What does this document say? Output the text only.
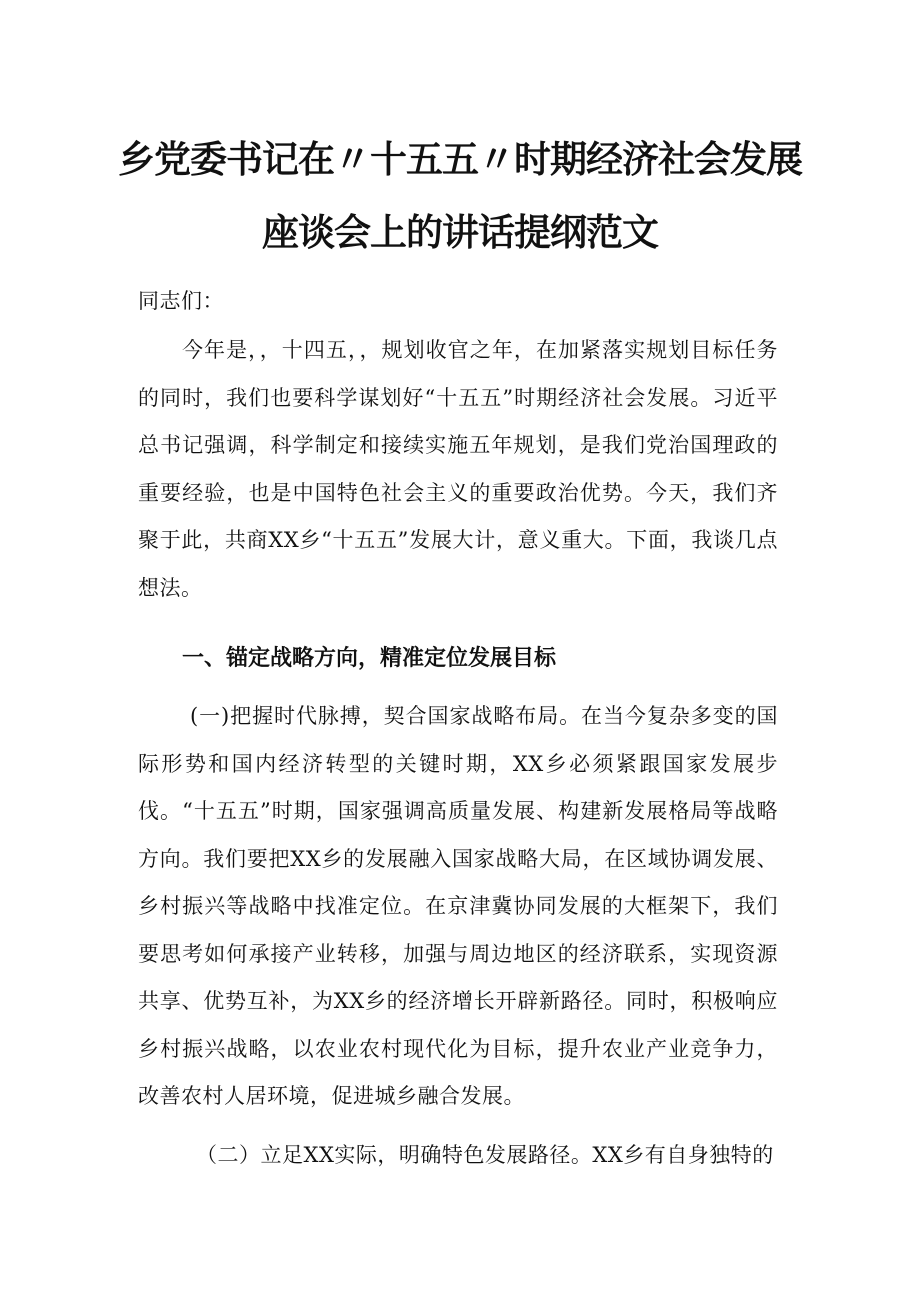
乡党委书记在〃十五五〃时期经济社会发展
座谈会上的讲话提纲范文

同志们：

今年是，，十四五，，规划收官之年，在加紧落实规划目标任务的同时，我们也要科学谋划好“十五五”时期经济社会发展。习近平总书记强调，科学制定和接续实施五年规划，是我们党治国理政的重要经验，也是中国特色社会主义的重要政治优势。今天，我们齐聚于此，共商XX乡“十五五”发展大计，意义重大。下面，我谈几点想法。

一、锚定战略方向，精准定位发展目标

(一)把握时代脉搏，契合国家战略布局。在当今复杂多变的国际形势和国内经济转型的关键时期，XX乡必须紧跟国家发展步伐。“十五五”时期，国家强调高质量发展、构建新发展格局等战略方向。我们要把XX乡的发展融入国家战略大局，在区域协调发展、乡村振兴等战略中找准定位。在京津冀协同发展的大框架下，我们要思考如何承接产业转移，加强与周边地区的经济联系，实现资源共享、优势互补，为XX乡的经济增长开辟新路径。同时，积极响应乡村振兴战略，以农业农村现代化为目标，提升农业产业竞争力，改善农村人居环境，促进城乡融合发展。

（二）立足XX实际，明确特色发展路径。XX乡有自身独特的
